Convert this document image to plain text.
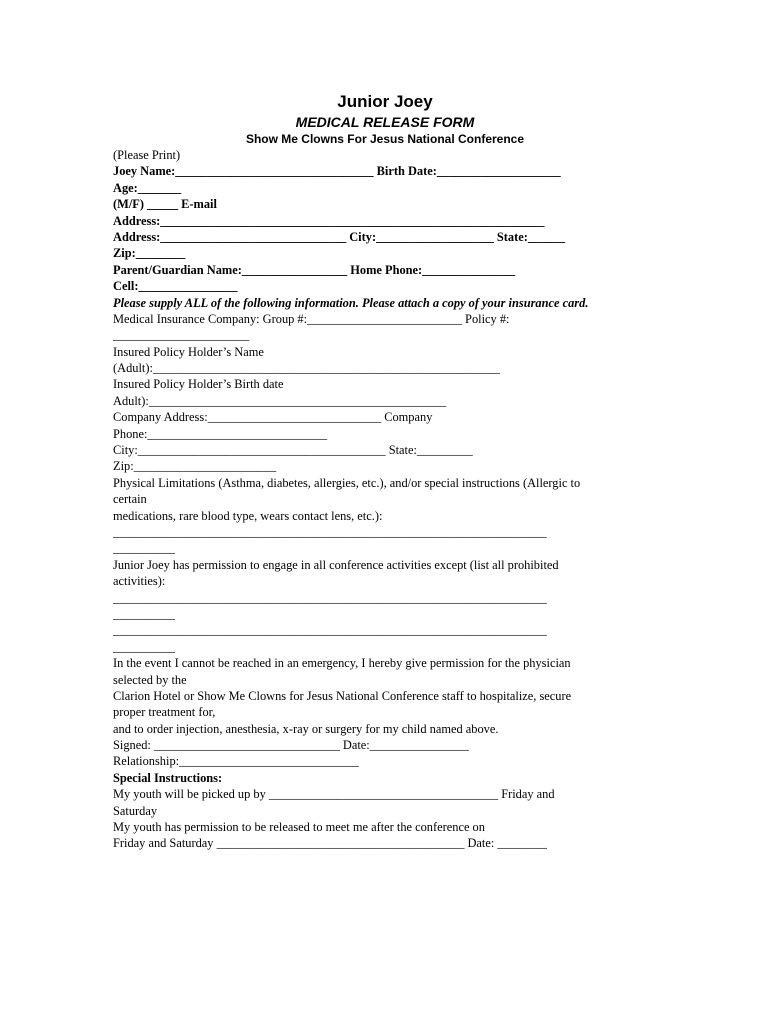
Junior Joey
MEDICAL RELEASE FORM
Show Me Clowns For Jesus National Conference
(Please Print)
Joey Name:________________________________ Birth Date:____________________
Age:_______
(M/F) _____ E-mail
Address:______________________________________________________________
Address:______________________________ City:___________________ State:______
Zip:________
Parent/Guardian Name:_________________ Home Phone:_______________
Cell:________________
Please supply ALL of the following information. Please attach a copy of your insurance card.
Medical Insurance Company: Group #:_________________________ Policy #:
______________________
Insured Policy Holder’s Name
(Adult):________________________________________________________
Insured Policy Holder’s Birth date
Adult):________________________________________________
Company Address:____________________________ Company
Phone:_____________________________
City:________________________________________ State:_________
Zip:_______________________
Physical Limitations (Asthma, diabetes, allergies, etc.), and/or special instructions (Allergic to
certain
medications, rare blood type, wears contact lens, etc.):
______________________________________________________________________
__________
Junior Joey has permission to engage in all conference activities except (list all prohibited
activities):
______________________________________________________________________
__________
______________________________________________________________________
__________
In the event I cannot be reached in an emergency, I hereby give permission for the physician
selected by the
Clarion Hotel or Show Me Clowns for Jesus National Conference staff to hospitalize, secure
proper treatment for,
and to order injection, anesthesia, x-ray or surgery for my child named above.
Signed: ______________________________ Date:________________
Relationship:_____________________________
Special Instructions:
My youth will be picked up by _____________________________________ Friday and
Saturday
My youth has permission to be released to meet me after the conference on
Friday and Saturday ________________________________________ Date: ________
